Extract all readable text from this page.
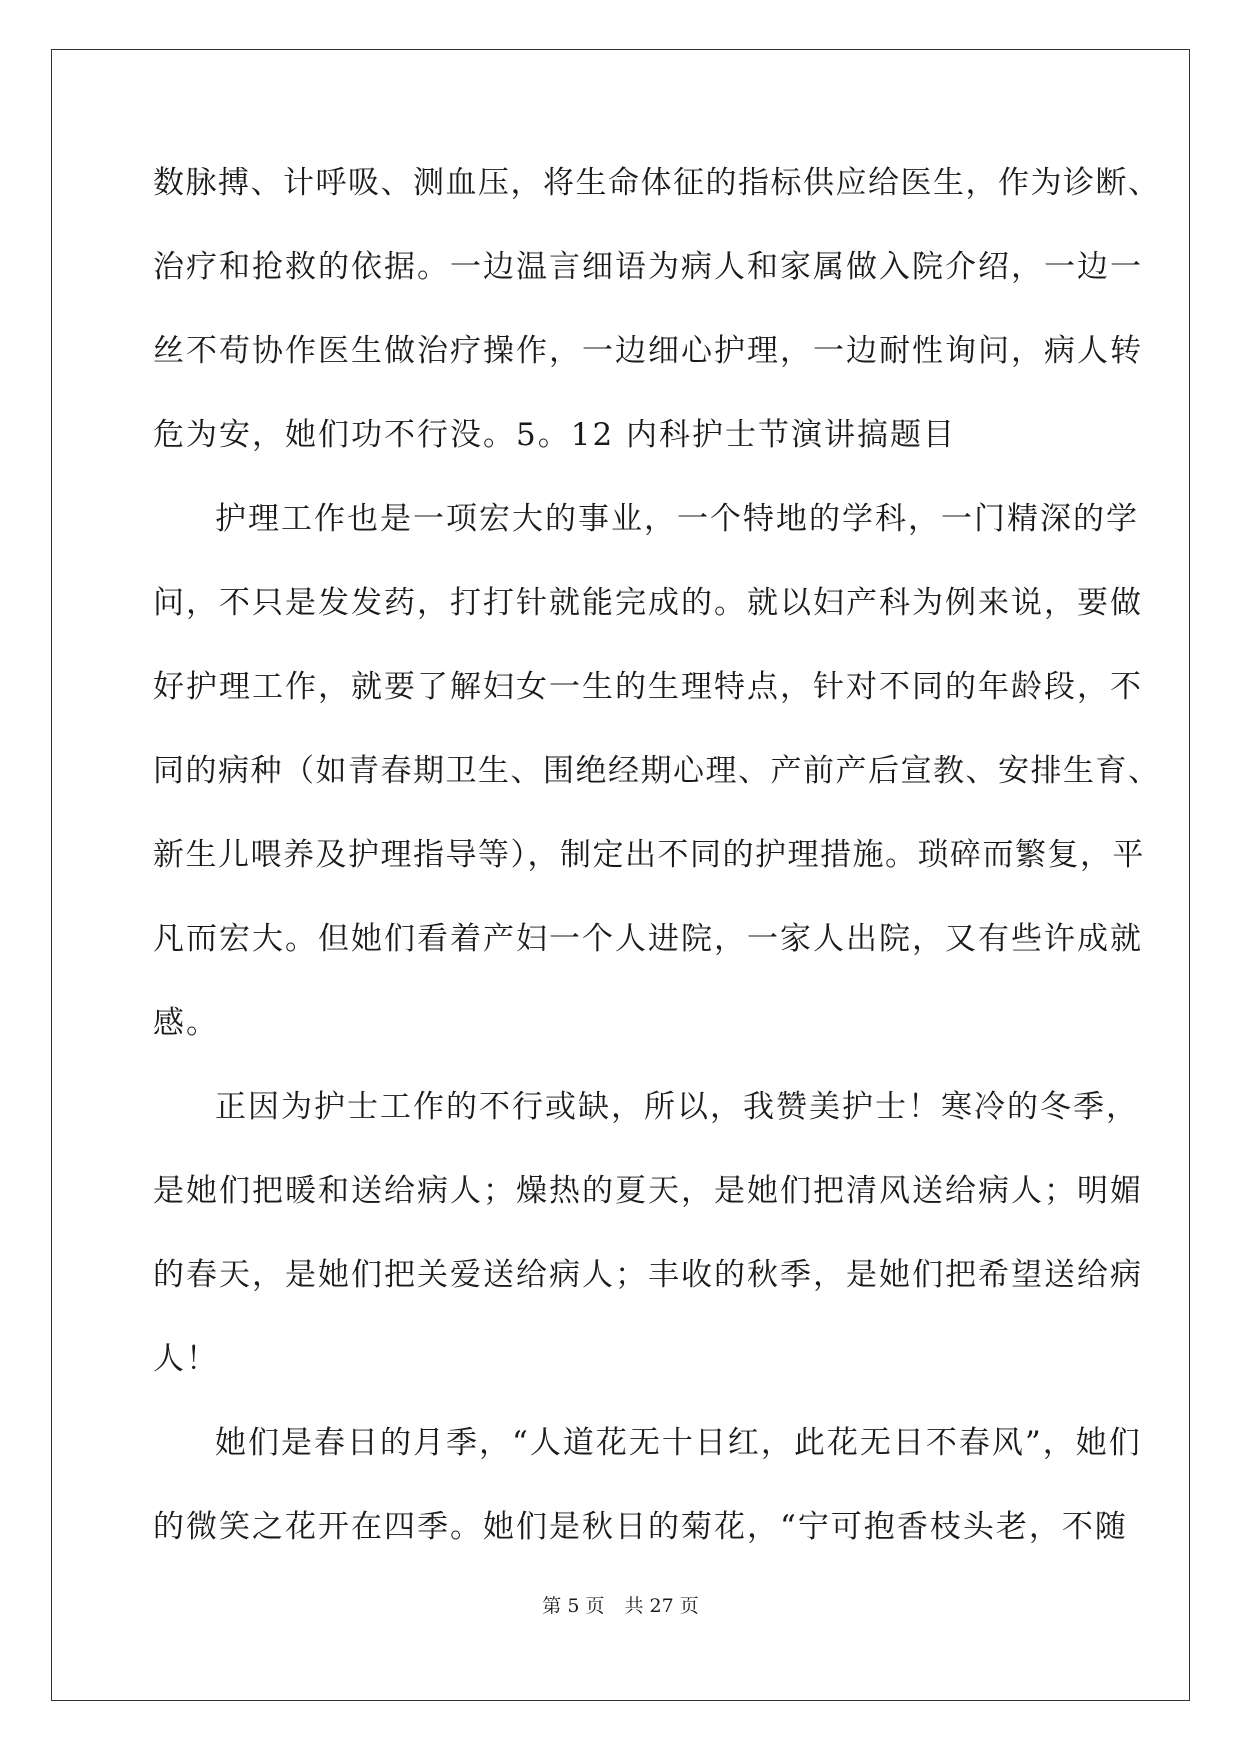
数脉搏、计呼吸、测血压，将生命体征的指标供应给医生，作为诊断、

治疗和抢救的依据。一边温言细语为病人和家属做入院介绍，一边一

丝不苟协作医生做治疗操作，一边细心护理，一边耐性询问，病人转

危为安，她们功不行没。5。12 内科护士节演讲搞题目

护理工作也是一项宏大的事业，一个特地的学科，一门精深的学

问，不只是发发药，打打针就能完成的。就以妇产科为例来说，要做

好护理工作，就要了解妇女一生的生理特点，针对不同的年龄段，不

同的病种（如青春期卫生、围绝经期心理、产前产后宣教、安排生育、

新生儿喂养及护理指导等），制定出不同的护理措施。琐碎而繁复，平

凡而宏大。但她们看着产妇一个人进院，一家人出院，又有些许成就

感。

正因为护士工作的不行或缺，所以，我赞美护士！寒冷的冬季，

是她们把暖和送给病人；燥热的夏天，是她们把清风送给病人；明媚

的春天，是她们把关爱送给病人；丰收的秋季，是她们把希望送给病

人！

她们是春日的月季，“人道花无十日红，此花无日不春风”，她们

的微笑之花开在四季。她们是秋日的菊花，“宁可抱香枝头老，不随

第 5 页 共 27 页
